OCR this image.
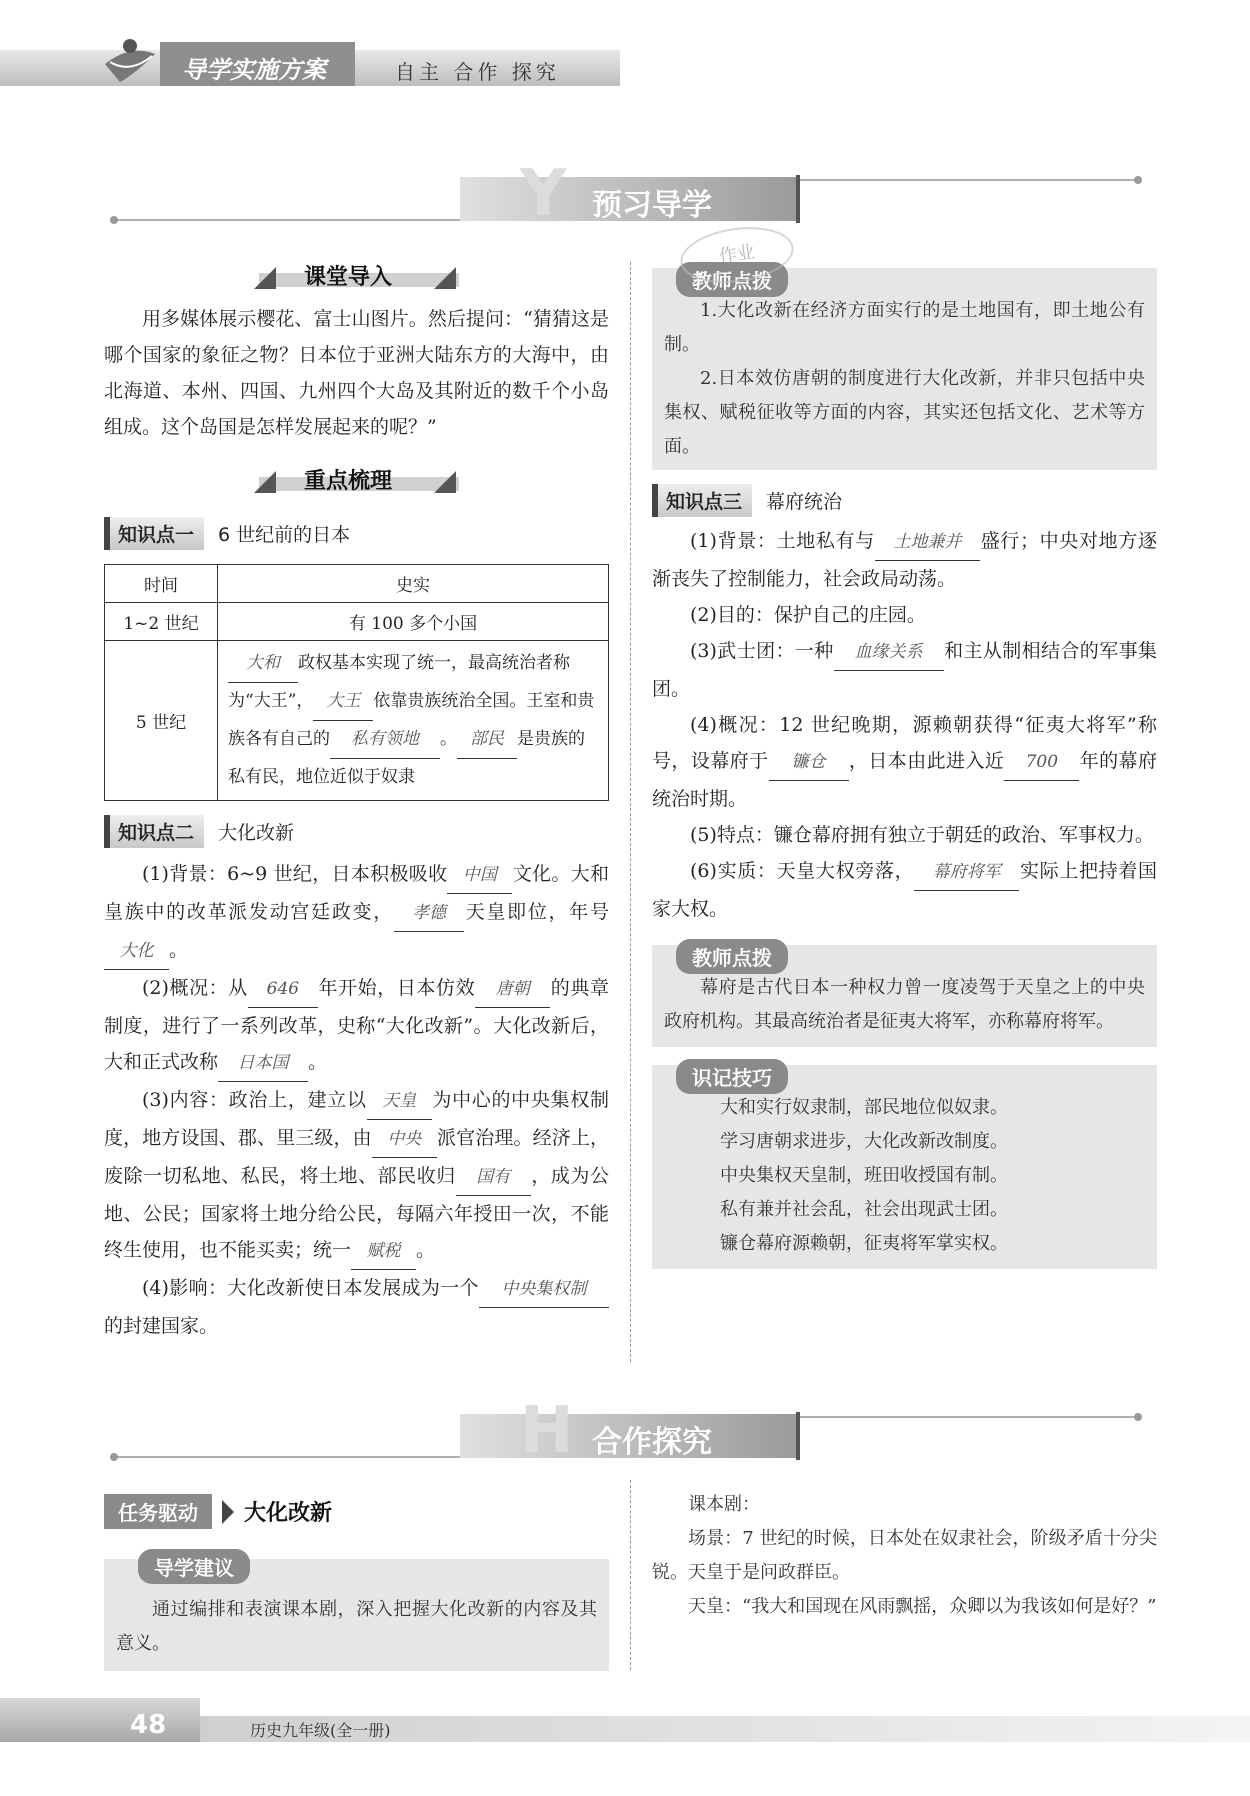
导学实施方案	自主 合作 探究
Y 预习导学
课堂导入
用多媒体展示樱花、富士山图片。然后提问：“猜猜这是哪个国家的象征之物？日本位于亚洲大陆东方的大海中，由北海道、本州、四国、九州四个大岛及其附近的数千个小岛组成。这个岛国是怎样发展起来的呢？”
重点梳理
知识点一 6 世纪前的日本
时间	史实
1~2 世纪	有 100 多个小国
5 世纪	大和 政权基本实现了统一，最高统治者称为“大王”， 大王 依靠贵族统治全国。王室和贵族各有自己的 私有领地 。 部民 是贵族的私有民，地位近似于奴隶
知识点二 大化改新
(1)背景：6~9 世纪，日本积极吸收 中国 文化。大和皇族中的改革派发动宫廷政变， 孝德 天皇即位，年号大化 。
(2)概况：从 646 年开始，日本仿效 唐朝 的典章制度，进行了一系列改革，史称“大化改新”。大化改新后，大和正式改称 日本国 。
(3)内容：政治上，建立以 天皇 为中心的中央集权制度，地方设国、郡、里三级，由 中央 派官治理。经济上，废除一切私地、私民，将土地、部民收归 国有 ，成为公地、公民；国家将土地分给公民，每隔六年授田一次，不能终生使用，也不能买卖；统一 赋税 。
(4)影响：大化改新使日本发展成为一个 中央集权制的封建国家。
教师点拨
1.大化改新在经济方面实行的是土地国有，即土地公有制。
2.日本效仿唐朝的制度进行大化改新，并非只包括中央集权、赋税征收等方面的内容，其实还包括文化、艺术等方面。
知识点三 幕府统治
(1)背景：土地私有与 土地兼并 盛行；中央对地方逐渐丧失了控制能力，社会政局动荡。
(2)目的：保护自己的庄园。
(3)武士团：一种 血缘关系 和主从制相结合的军事集团。
(4)概况：12 世纪晚期，源赖朝获得“征夷大将军”称号，设幕府于 镰仓 ，日本由此进入近 700 年的幕府统治时期。
(5)特点：镰仓幕府拥有独立于朝廷的政治、军事权力。
(6)实质：天皇大权旁落， 幕府将军 实际上把持着国家大权。
教师点拨
幕府是古代日本一种权力曾一度凌驾于天皇之上的中央政府机构。其最高统治者是征夷大将军，亦称幕府将军。
识记技巧
大和实行奴隶制，部民地位似奴隶。
学习唐朝求进步，大化改新改制度。
中央集权天皇制，班田收授国有制。
私有兼并社会乱，社会出现武士团。
镰仓幕府源赖朝，征夷将军掌实权。
作业
H 合作探究
任务驱动	大化改新
导学建议
通过编排和表演课本剧，深入把握大化改新的内容及其意义。
课本剧：
场景：7 世纪的时候，日本处在奴隶社会，阶级矛盾十分尖锐。天皇于是问政群臣。
天皇：“我大和国现在风雨飘摇，众卿以为我该如何是好？”
48	历史九年级(全一册)
